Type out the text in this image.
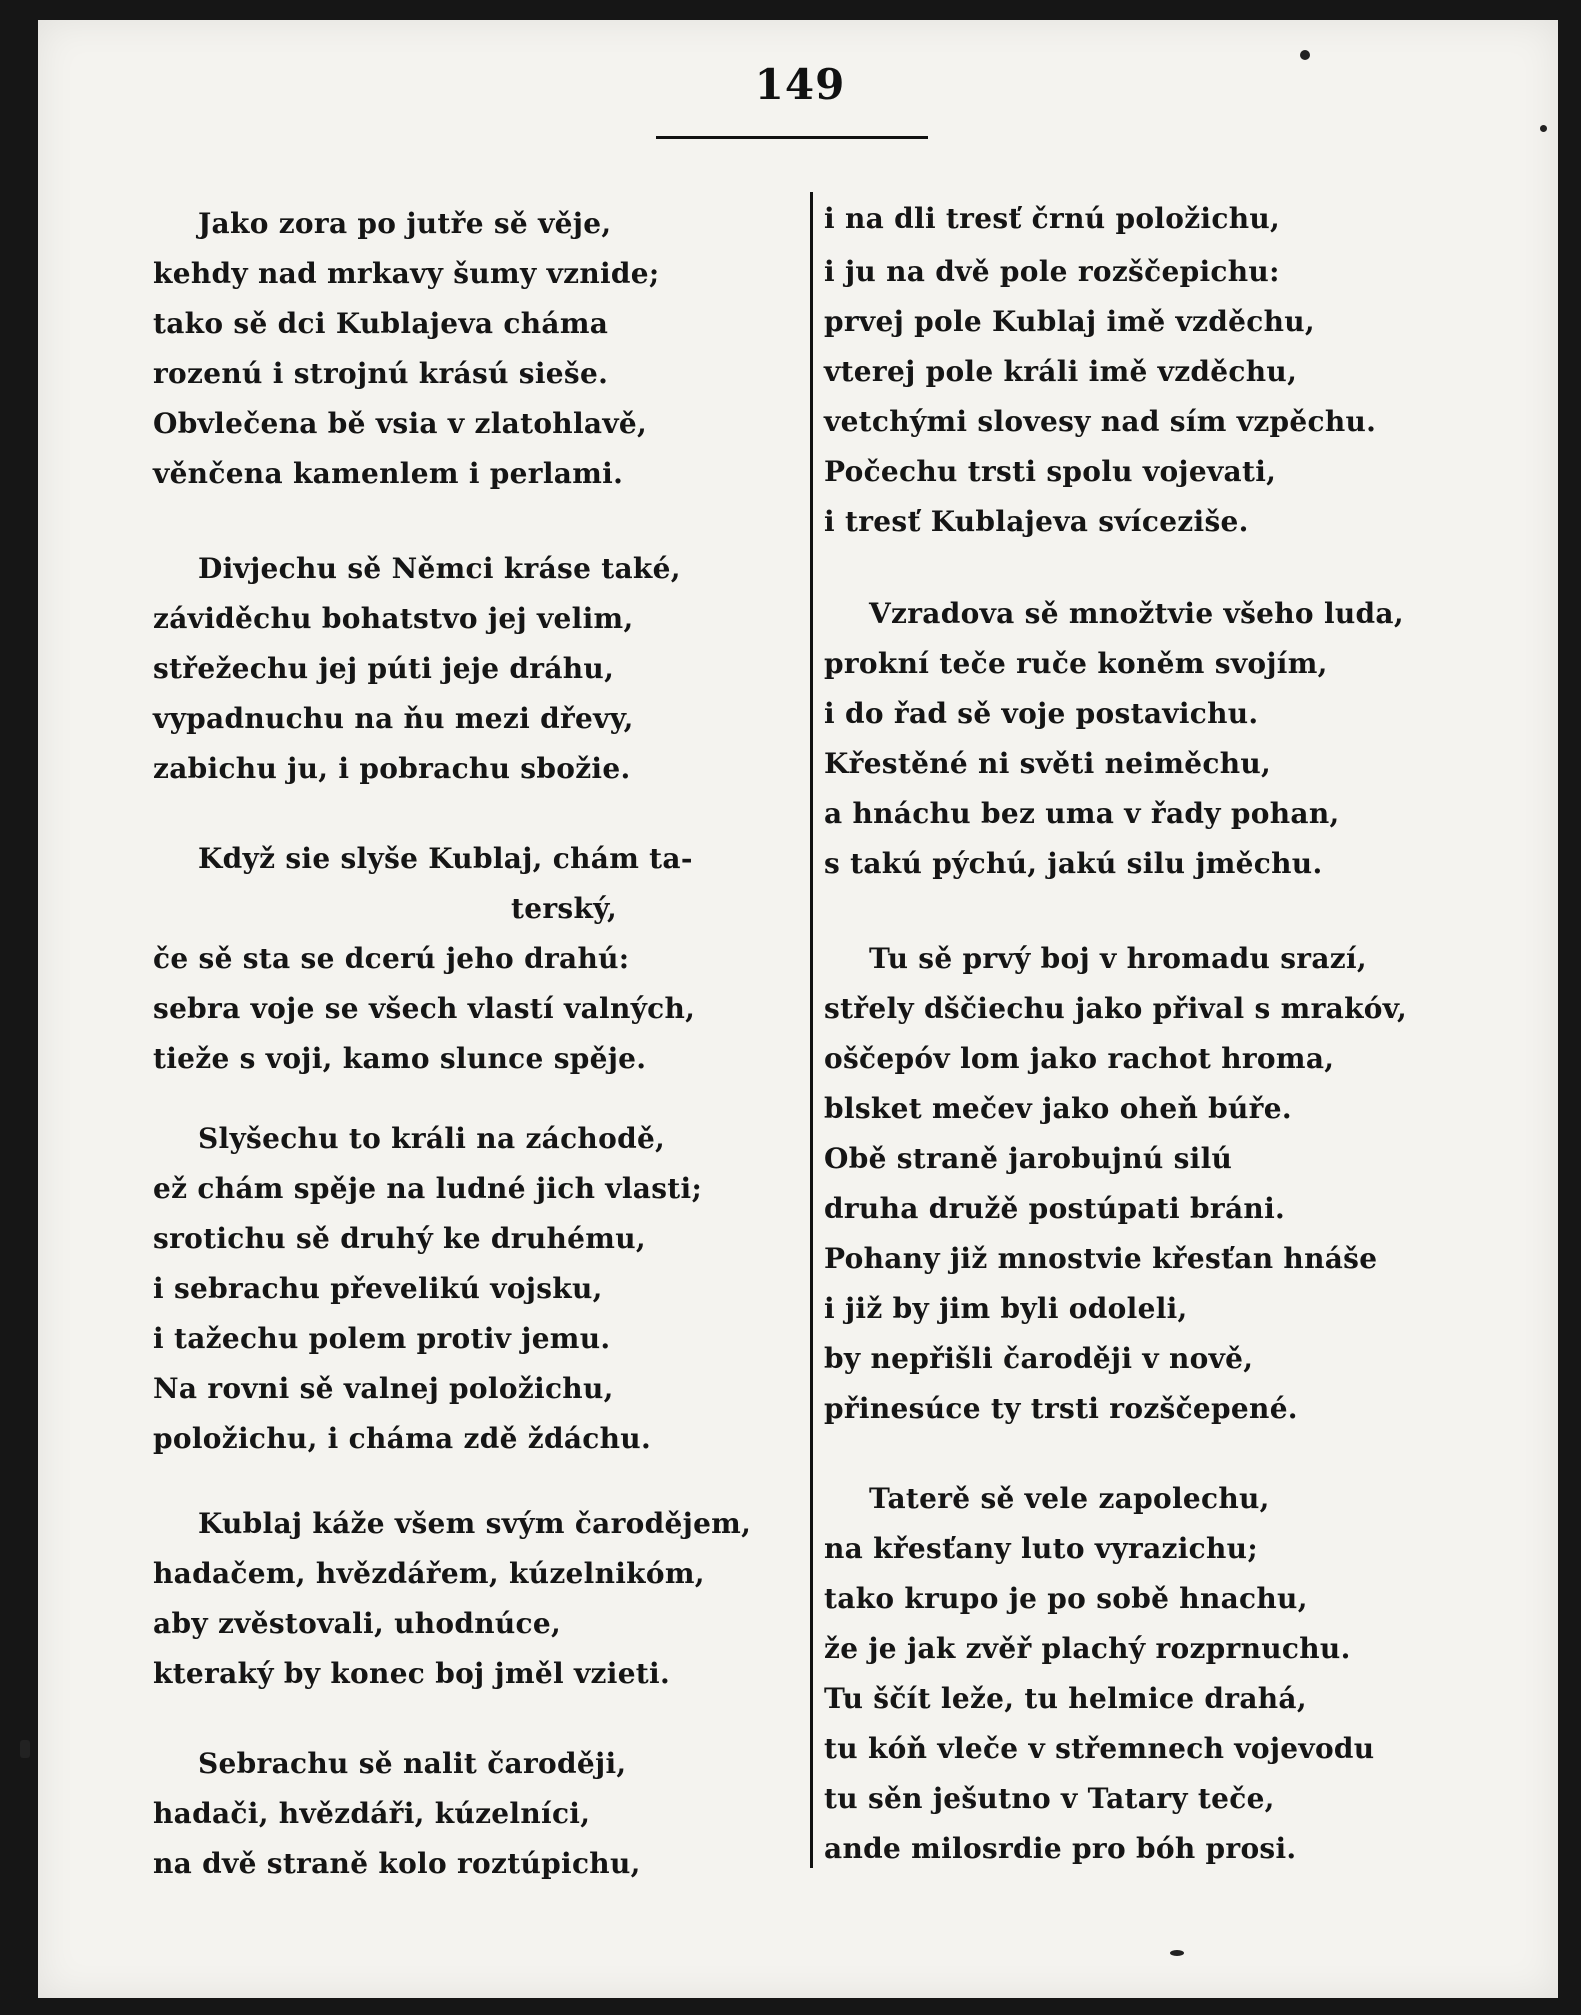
149
Jako zora po jutře sě věje,
kehdy nad mrkavy šumy vznide;
tako sě dci Kublajeva cháma
rozenú i strojnú krású sieše.
Obvlečena bě vsia v zlatohlavě,
věnčena kamenlem i perlami.
Divjechu sě Němci kráse také,
záviděchu bohatstvo jej velim,
střežechu jej púti jeje dráhu,
vypadnuchu na ňu mezi dřevy,
zabichu ju, i pobrachu sbožie.
Když sie slyše Kublaj, chám ta-
terský,
če sě sta se dcerú jeho drahú:
sebra voje se všech vlastí valných,
tieže s voji, kamo slunce spěje.
Slyšechu to králi na záchodě,
ež chám spěje na ludné jich vlasti;
srotichu sě druhý ke druhému,
i sebrachu převelikú vojsku,
i tažechu polem protiv jemu.
Na rovni sě valnej položichu,
položichu, i cháma zdě ždáchu.
Kublaj káže všem svým čarodějem,
hadačem, hvězdářem, kúzelnikóm,
aby zvěstovali, uhodnúce,
kteraký by konec boj jměl vzieti.
Sebrachu sě nalit čaroději,
hadači, hvězdáři, kúzelníci,
na dvě straně kolo roztúpichu,
i na dli tresť črnú položichu,
i ju na dvě pole rozščepichu:
prvej pole Kublaj imě vzděchu,
vterej pole králi imě vzděchu,
vetchými slovesy nad sím vzpěchu.
Počechu trsti spolu vojevati,
i tresť Kublajeva svíceziše.
Vzradova sě množtvie všeho luda,
prokní teče ruče koněm svojím,
i do řad sě voje postavichu.
Křestěné ni světi neiměchu,
a hnáchu bez uma v řady pohan,
s takú pýchú, jakú silu jměchu.
Tu sě prvý boj v hromadu srazí,
střely dščiechu jako přival s mrakóv,
oščepóv lom jako rachot hroma,
blsket mečev jako oheň búře.
Obě straně jarobujnú silú
druha družě postúpati bráni.
Pohany již mnostvie křesťan hnáše
i již by jim byli odoleli,
by nepřišli čaroději v nově,
přinesúce ty trsti rozščepené.
Taterě sě vele zapolechu,
na křesťany luto vyrazichu;
tako krupo je po sobě hnachu,
že je jak zvěř plachý rozprnuchu.
Tu ščít leže, tu helmice drahá,
tu kóň vleče v střemnech vojevodu
tu sěn ješutno v Tatary teče,
ande milosrdie pro bóh prosi.
